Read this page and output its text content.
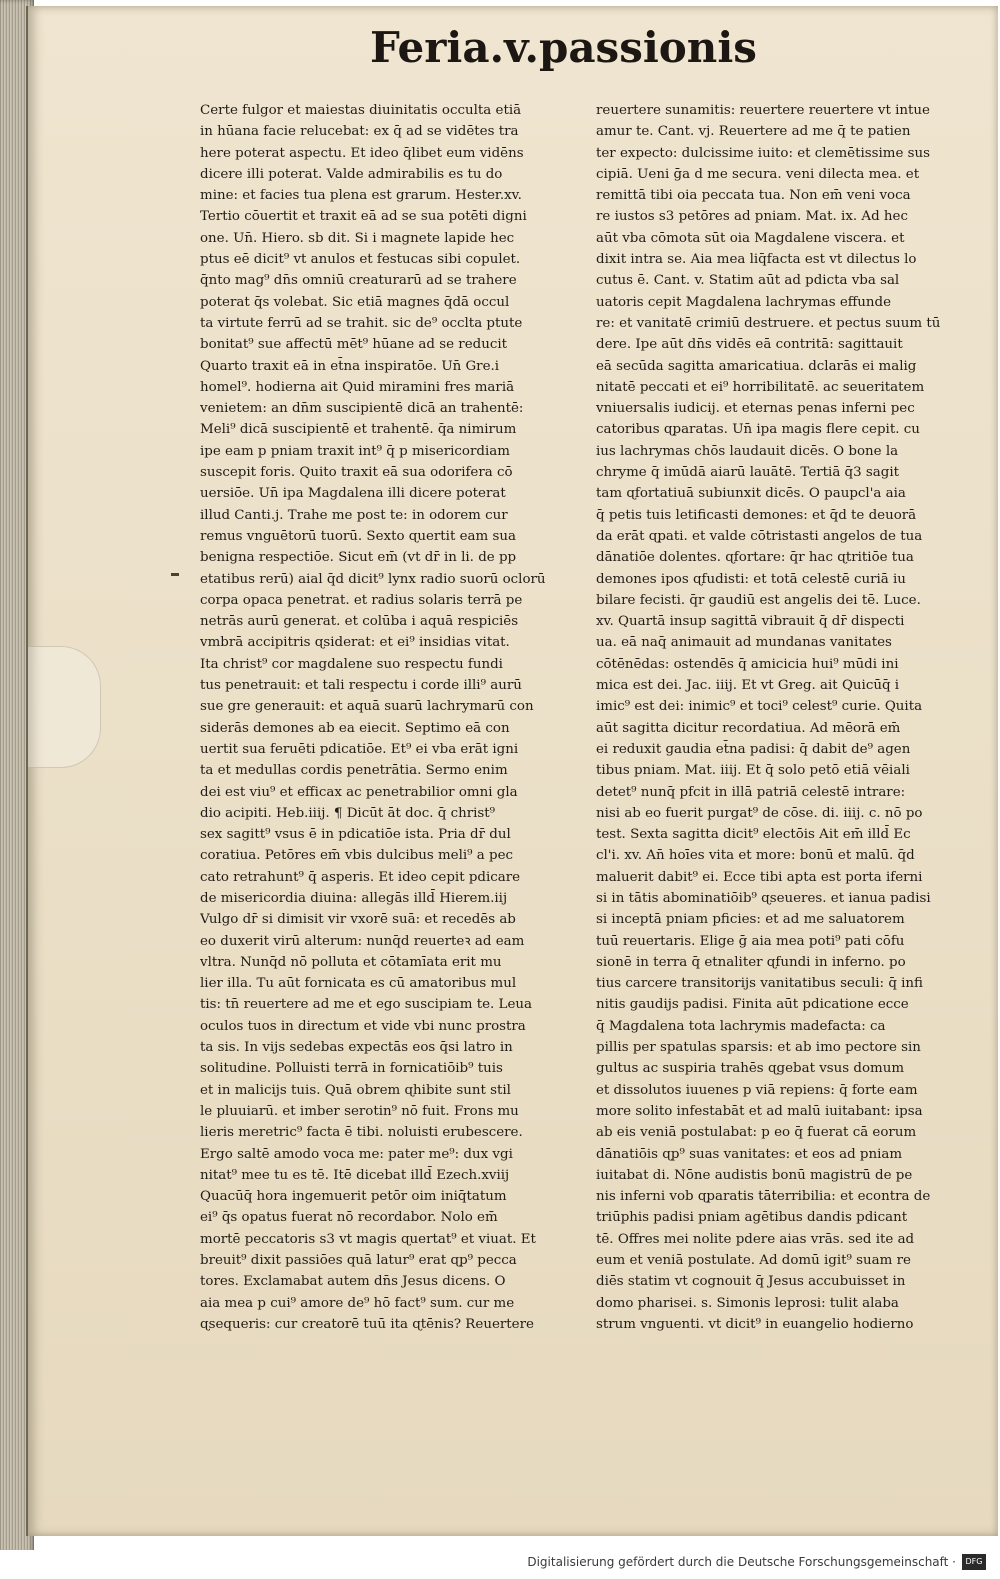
Feria.v.passionis
Certe fulgor et maiestas diuinitatis occulta etiā
in hūana facie relucebat: ex q̄ ad se vidētes tra
here poterat aspectu. Et ideo q̄libet eum vidēns
dicere illi poterat. Valde admirabilis es tu do
mine: et facies tua plena est grarum. Hester.xv.
Tertio cōuertit et traxit eā ad se sua potēti digni
one. Un̄. Hiero. sb dit. Si i magnete lapide hec
ptus eē dicit⁹ vt anulos et festucas sibi copulet.
q̄nto mag⁹ dn̄s omniū creaturarū ad se trahere
poterat q̄s volebat. Sic etiā magnes q̄dā occul
ta virtute ferrū ad se trahit. sic de⁹ occlta ptute
bonitat⁹ sue affectū mēt⁹ hūane ad se reducit
Quarto traxit eā in et̄na inspiratōe. Un̄ Gre.i
homel⁹. hodierna ait Quid miramini fres mariā
venietem: an dn̄m suscipientē dicā an trahentē:
Meli⁹ dicā suscipientē et trahentē. q̄a nimirum
ipe eam p pniam traxit int⁹ q̄ p misericordiam
suscepit foris. Quito traxit eā sua odorifera cō
uersiōe. Un̄ ipa Magdalena illi dicere poterat
illud Canti.j. Trahe me post te: in odorem cur
remus vnguētorū tuorū. Sexto ɋuertit eam sua
benigna respectiōe. Sicut em̄ (vt dr̄ in li. de pp
etatibus rerū) aial q̄d dicit⁹ lynx radio suorū oclorū
corpa opaca penetrat. et radius solaris terrā pe
netrās aurū generat. et colūba i aquā respiciēs
vmbrā accipitris ɋsiderat: et ei⁹ insidias vitat.
Ita christ⁹ cor magdalene suo respectu fundi
tus penetrauit: et tali respectu i corde illi⁹ aurū
sue gre generauit: et aquā suarū lachrymarū con
siderās demones ab ea eiecit. Septimo eā con
uertit sua feruēti pdicatiōe. Et⁹ ei vba erāt igni
ta et medullas cordis penetrātia. Sermo enim
dei est viu⁹ et efficax ac penetrabilior omni gla
dio acipiti. Heb.iiij. ¶ Dicūt āt doc. q̄ christ⁹
sex sagitt⁹ vsus ē in pdicatiōe ista. Pria dr̄ dul
coratiua. Petōres em̄ vbis dulcibus meli⁹ a pec
cato retrahunt⁹ q̄ asperis. Et ideo cepit pdicare
de misericordia diuina: allegās illd̄ Hierem.iij
Vulgo dr̄ si dimisit vir vxorē suā: et recedēs ab
eo duxerit virū alterum: nunq̄d reuerteꝛ ad eam
vltra. Nunq̄d nō polluta et cōtamīata erit mu
lier illa. Tu aūt fornicata es cū amatoribus mul
tis: tn̄ reuertere ad me et ego suscipiam te. Leua
oculos tuos in directum et vide vbi nunc prostra
ta sis. In vijs sedebas expectās eos q̄si latro in
solitudine. Polluisti terrā in fornicatiōib⁹ tuis
et in malicijs tuis. Quā obrem ɋhibite sunt stil
le pluuiarū. et imber serotin⁹ nō fuit. Frons mu
lieris meretric⁹ facta ē tibi. noluisti erubescere.
Ergo saltē amodo voca me: pater me⁹: dux vgi
nitat⁹ mee tu es tē. Itē dicebat illd̄ Ezech.xviij
Quacūq̄ hora ingemuerit petōr oim iniq̄tatum
ei⁹ q̄s opatus fuerat nō recordabor. Nolo em̄
mortē peccatoris s3 vt magis ɋuertat⁹ et viuat. Et
breuit⁹ dixit passiōes quā latur⁹ erat ɋp⁹ pecca
tores. Exclamabat autem dn̄s Jesus dicens. O
aia mea p cui⁹ amore de⁹ hō fact⁹ sum. cur me
ɋsequeris: cur creatorē tuū ita ɋtēnis? Reuertere
reuertere sunamitis: reuertere reuertere vt intue
amur te. Cant. vj. Reuertere ad me q̄ te patien
ter expecto: dulcissime iuito: et clemētissime sus
cipiā. Ueni ḡa d me secura. veni dilecta mea. et
remittā tibi oia peccata tua. Non em̄ veni voca
re iustos s3 petōres ad pniam. Mat. ix. Ad hec
aūt vba cōmota sūt oia Magdalene viscera. et
dixit intra se. Aia mea liq̄facta est vt dilectus lo
cutus ē. Cant. v. Statim aūt ad pdicta vba sal
uatoris cepit Magdalena lachrymas effunde
re: et vanitatē crimiū destruere. et pectus suum tū
dere. Ipe aūt dn̄s vidēs eā contritā: sagittauit
eā secūda sagitta amaricatiua. dclarās ei malig
nitatē peccati et ei⁹ horribilitatē. ac seueritatem
vniuersalis iudicij. et eternas penas inferni pec
catoribus ɋparatas. Un̄ ipa magis flere cepit. cu
ius lachrymas chōs laudauit dicēs. O bone la
chryme q̄ imūdā aiarū lauātē. Tertiā q̄3 sagit
tam ɋfortatiuā subiunxit dicēs. O paupcl'a aia
q̄ petis tuis letificasti demones: et q̄d te deuorā
da erāt ɋpati. et valde cōtristasti angelos de tua
dānatiōe dolentes. ɋfortare: q̄r hac ɋtritiōe tua
demones ipos ɋfudisti: et totā celestē curiā iu
bilare fecisti. q̄r gaudiū est angelis dei tē. Luce.
xv. Quartā insup sagittā vibrauit q̄ dr̄ dispecti
ua. eā naq̄ animauit ad mundanas vanitates
cōtēnēdas: ostendēs q̄ amicicia hui⁹ mūdi ini
mica est dei. Jac. iiij. Et vt Greg. ait Quicūq̄ i
imic⁹ est dei: inimic⁹ et toci⁹ celest⁹ curie. Quita
aūt sagitta dicitur recordatiua. Ad mēorā em̄
ei reduxit gaudia et̄na padisi: q̄ dabit de⁹ agen
tibus pniam. Mat. iiij. Et q̄ solo petō etiā vēiali
detet⁹ nunq̄ pfcit in illā patriā celestē intrare:
nisi ab eo fuerit purgat⁹ de cōse. di. iiij. c. nō po
test. Sexta sagitta dicit⁹ electōis Ait em̄ illd̄ Ec
cl'i. xv. An̄ hoīes vita et more: bonū et malū. q̄d
maluerit dabit⁹ ei. Ecce tibi apta est porta iferni
si in tātis abominatiōib⁹ ɋseueres. et ianua padisi
si inceptā pniam pficies: et ad me saluatorem
tuū reuertaris. Elige ḡ aia mea poti⁹ pati cōfu
sionē in terra q̄ etnaliter ɋfundi in inferno. po
tius carcere transitorijs vanitatibus seculi: q̄ infi
nitis gaudijs padisi. Finita aūt pdicatione ecce
q̄ Magdalena tota lachrymis madefacta: ca
pillis per spatulas sparsis: et ab imo pectore sin
gultus ac suspiria trahēs ɋgebat vsus domum
et dissolutos iuuenes p viā repiens: q̄ forte eam
more solito infestabāt et ad malū iuitabant: ipsa
ab eis veniā postulabat: p eo q̄ fuerat cā eorum
dānatiōis ɋp⁹ suas vanitates: et eos ad pniam
iuitabat di. Nōne audistis bonū magistrū de pe
nis inferni vob ɋparatis tāterribilia: et econtra de
triūphis padisi pniam agētibus dandis pdicant
tē. Offres mei nolite pdere aias vrās. sed ite ad
eum et veniā postulate. Ad domū igit⁹ suam re
diēs statim vt cognouit q̄ Jesus accubuisset in
domo pharisei. s. Simonis leprosi: tulit alaba
strum vnguenti. vt dicit⁹ in euangelio hodierno
Digitalisierung gefördert durch die Deutsche Forschungsgemeinschaft ·	DFG
